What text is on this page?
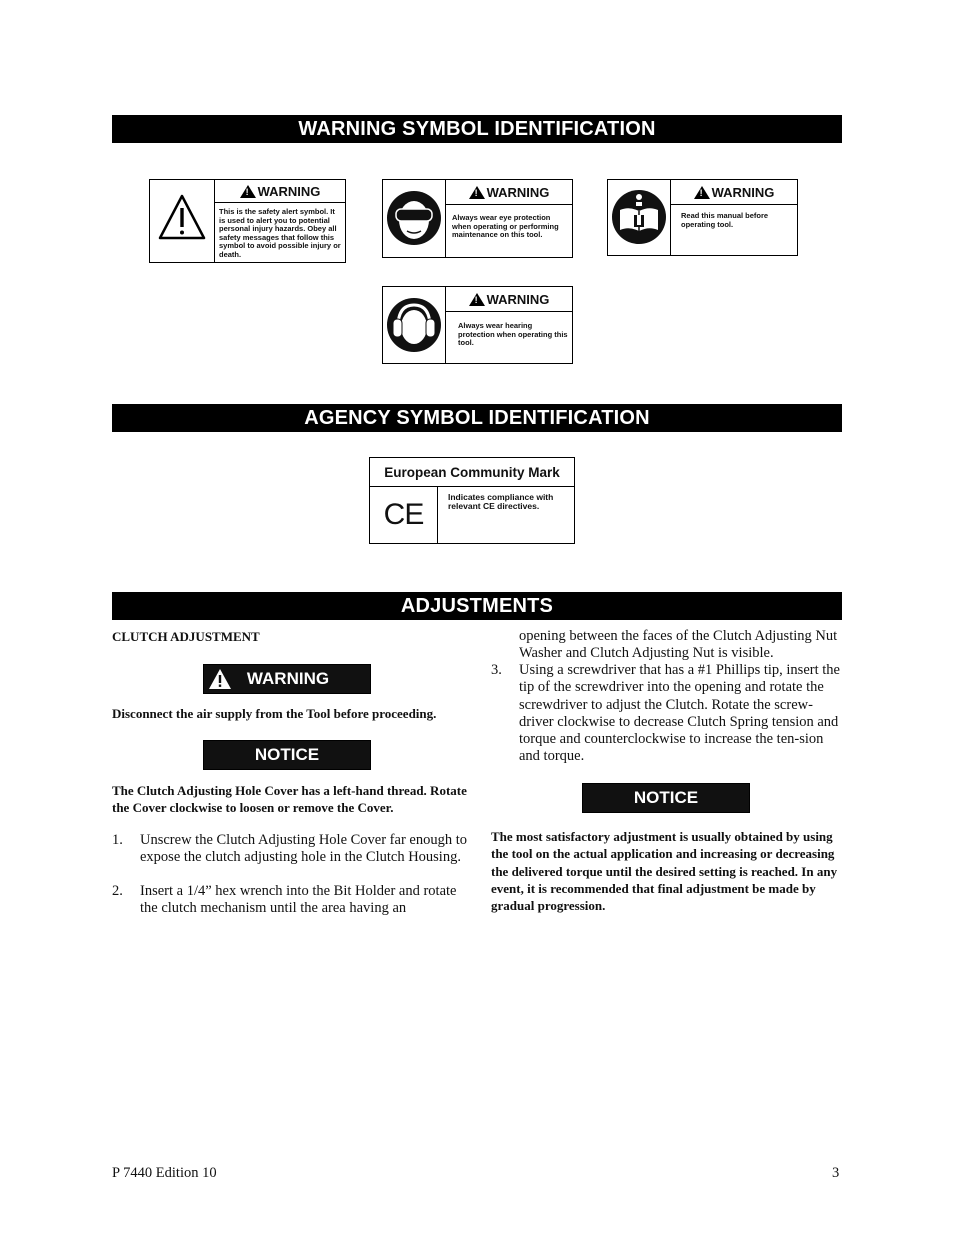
WARNING SYMBOL IDENTIFICATION
AGENCY SYMBOL IDENTIFICATION
ADJUSTMENTS
!
WARNING
This is the safety alert symbol. It is used to alert you to potential personal injury hazards. Obey all safety messages that follow this symbol to avoid possible injury or death.
!
WARNING
Always wear eye protection when operating or performing maintenance on this tool.
!
WARNING
Read this manual before operating tool.
!
WARNING
Always wear hearing protection when operating this tool.
European Community Mark
CE
Indicates compliance with relevant CE directives.
CLUTCH ADJUSTMENT
WARNING
Disconnect the air supply from the Tool before proceeding.
NOTICE
The Clutch Adjusting Hole Cover has a left-hand thread. Rotate the Cover clockwise to loosen or remove the Cover.
1. Unscrew the Clutch Adjusting Hole Cover far enough to expose the clutch adjusting hole in the Clutch Housing.
2. Insert a 1/4” hex wrench into the Bit Holder and rotate the clutch mechanism until the area having an
opening between the faces of the Clutch Adjusting Nut Washer and Clutch Adjusting Nut is visible.
3. Using a screwdriver that has a #1 Phillips tip, insert the tip of the screwdriver into the opening and rotate the screwdriver to adjust the Clutch. Rotate the screw-driver clockwise to decrease Clutch Spring tension and torque and counterclockwise to increase the ten-sion and torque.
NOTICE
The most satisfactory adjustment is usually obtained by using the tool on the actual application and increasing or decreasing the delivered torque until the desired setting is reached. In any event, it is recommended that final adjustment be made by gradual progression.
P 7440 Edition 10	3
